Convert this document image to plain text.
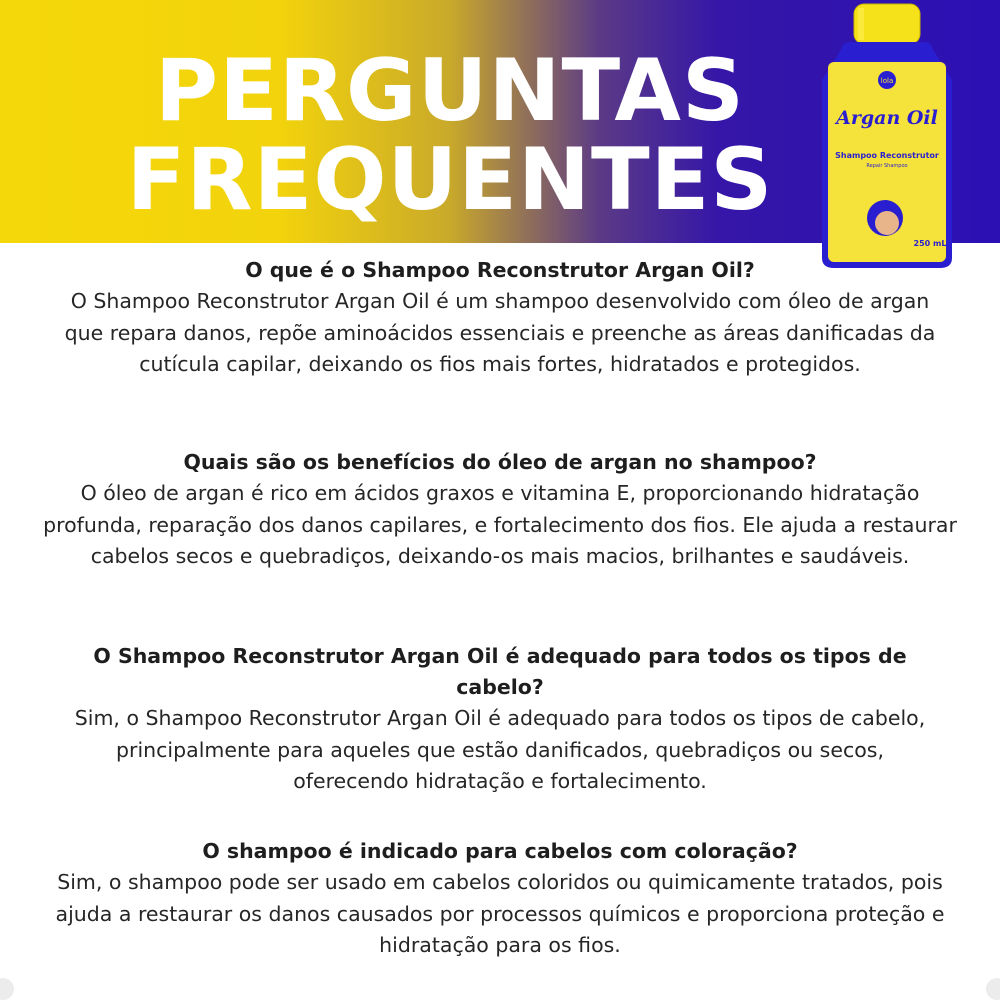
PERGUNTAS
FREQUENTES
lola
Argan Oil
Shampoo Reconstrutor
Repair Shampoo
250 mL

O que é o Shampoo Reconstrutor Argan Oil?

O Shampoo Reconstrutor Argan Oil é um shampoo desenvolvido com óleo de argan que repara danos, repõe aminoácidos essenciais e preenche as áreas danificadas da cutícula capilar, deixando os fios mais fortes, hidratados e protegidos.

Quais são os benefícios do óleo de argan no shampoo?

O óleo de argan é rico em ácidos graxos e vitamina E, proporcionando hidratação profunda, reparação dos danos capilares, e fortalecimento dos fios. Ele ajuda a restaurar cabelos secos e quebradiços, deixando-os mais macios, brilhantes e saudáveis.

O Shampoo Reconstrutor Argan Oil é adequado para todos os tipos de cabelo?

Sim, o Shampoo Reconstrutor Argan Oil é adequado para todos os tipos de cabelo, principalmente para aqueles que estão danificados, quebradiços ou secos, oferecendo hidratação e fortalecimento.

O shampoo é indicado para cabelos com coloração?

Sim, o shampoo pode ser usado em cabelos coloridos ou quimicamente tratados, pois ajuda a restaurar os danos causados por processos químicos e proporciona proteção e hidratação para os fios.
